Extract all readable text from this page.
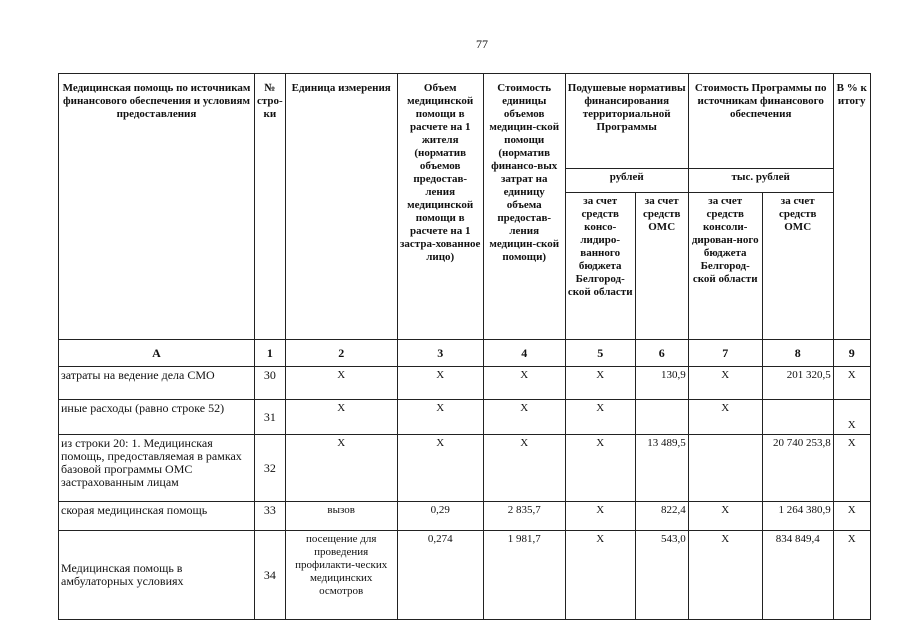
77
Медицинская помощь по источникам финансового обеспечения и условиям предоставления	№ стро-ки	Единица измерения	Объем медицинской помощи в расчете на 1 жителя (норматив объемов предостав-ления медицинской помощи в расчете на 1 застра-хованное лицо)	Стоимость единицы объемов медицин-ской помощи (норматив финансо-вых затрат на единицу объема предостав-ления медицин-ской помощи)	Подушевые нормативы финансирования территориальной Программы		Стоимость Программы по источникам финансового обеспечения		В % к итогу
					рублей		тыс. рублей		
					за счет средств консо-лидиро-ванного бюджета Белгород-ской области	за счет средств ОМС	за счет средств консоли-дирован-ного бюджета Белгород-ской области	за счет средств ОМС	
А	1	2	3	4	5	6	7	8	9
затраты на ведение дела СМО	30	Х	Х	Х	Х	130,9	Х	201 320,5	Х
иные расходы (равно строке 52)	31	Х	Х	Х	Х		Х		Х
из строки 20: 1. Медицинская помощь, предоставляемая в рамках базовой программы ОМС застрахованным лицам	32	Х	Х	Х	Х	13 489,5		20 740 253,8	Х
скорая медицинская помощь	33	вызов	0,29	2 835,7	Х	822,4	Х	1 264 380,9	Х
Медицинская помощь в амбулаторных условиях	34	посещение для проведения профилакти-ческих медицинских осмотров	0,274	1 981,7	Х	543,0	Х	834 849,4	Х
